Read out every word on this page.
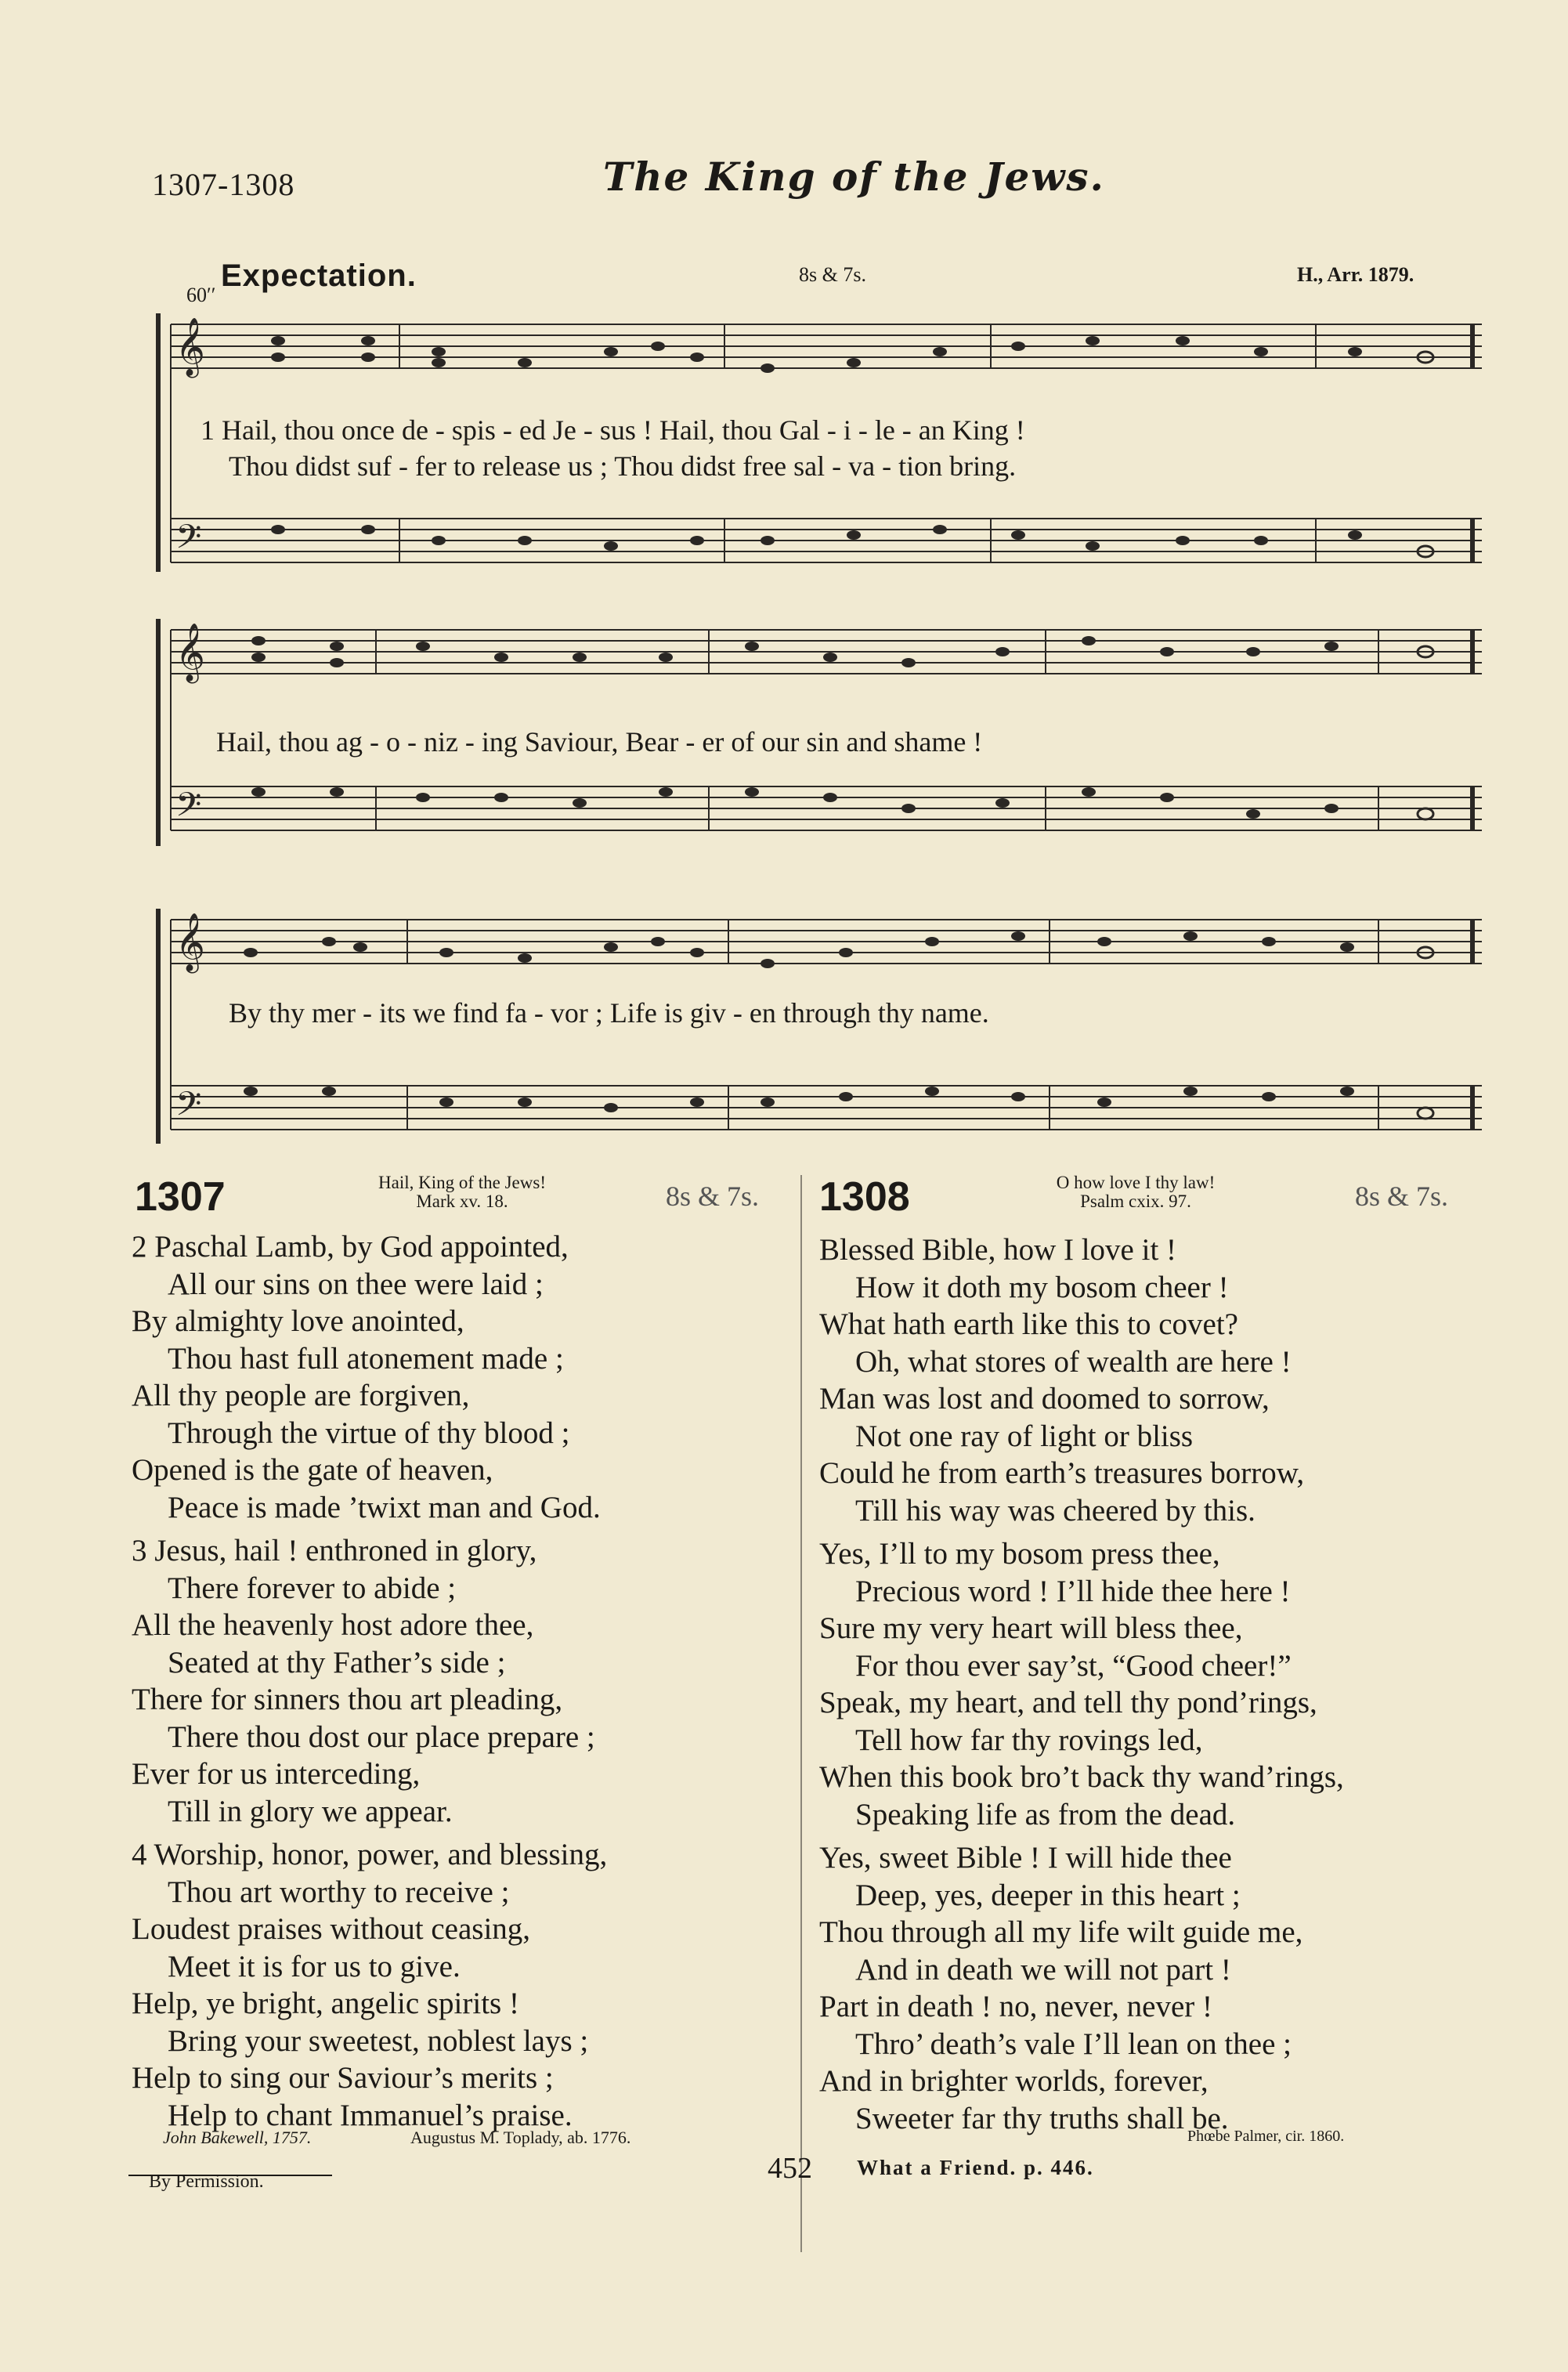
1307-1308	The King of the Jews.
Expectation.
60′′
8s & 7s.	H., Arr. 1879.
𝄞
𝄢
1 Hail, thou once de - spis - ed Je - sus ! Hail, thou Gal - i - le - an King !
Thou didst suf - fer to release us ; Thou didst free sal - va - tion bring.
𝄞
𝄢
Hail, thou ag - o - niz - ing Saviour, Bear - er of our sin and shame !
𝄞
𝄢
By thy mer - its we find fa - vor ; Life is giv - en through thy name.
1307	Hail, King of the Jews!
Mark xv. 18.	8s & 7s.
2 Paschal Lamb, by God appointed,
All our sins on thee were laid ;
By almighty love anointed,
Thou hast full atonement made ;
All thy people are forgiven,
Through the virtue of thy blood ;
Opened is the gate of heaven,
Peace is made ’twixt man and God.
3 Jesus, hail ! enthroned in glory,
There forever to abide ;
All the heavenly host adore thee,
Seated at thy Father’s side ;
There for sinners thou art pleading,
There thou dost our place prepare ;
Ever for us interceding,
Till in glory we appear.
4 Worship, honor, power, and blessing,
Thou art worthy to receive ;
Loudest praises without ceasing,
Meet it is for us to give.
Help, ye bright, angelic spirits !
Bring your sweetest, noblest lays ;
Help to sing our Saviour’s merits ;
Help to chant Immanuel’s praise.
John Bakewell, 1757.	Augustus M. Toplady, ab. 1776.
1308	O how love I thy law!
Psalm cxix. 97.	8s & 7s.
Blessed Bible, how I love it !
How it doth my bosom cheer !
What hath earth like this to covet?
Oh, what stores of wealth are here !
Man was lost and doomed to sorrow,
Not one ray of light or bliss
Could he from earth’s treasures borrow,
Till his way was cheered by this.
Yes, I’ll to my bosom press thee,
Precious word ! I’ll hide thee here !
Sure my very heart will bless thee,
For thou ever say’st, “Good cheer!”
Speak, my heart, and tell thy pond’rings,
Tell how far thy rovings led,
When this book bro’t back thy wand’rings,
Speaking life as from the dead.
Yes, sweet Bible ! I will hide thee
Deep, yes, deeper in this heart ;
Thou through all my life wilt guide me,
And in death we will not part !
Part in death ! no, never, never !
Thro’ death’s vale I’ll lean on thee ;
And in brighter worlds, forever,
Sweeter far thy truths shall be.
Phœbe Palmer, cir. 1860.
By Permission.	452 What a Friend. p. 446.
